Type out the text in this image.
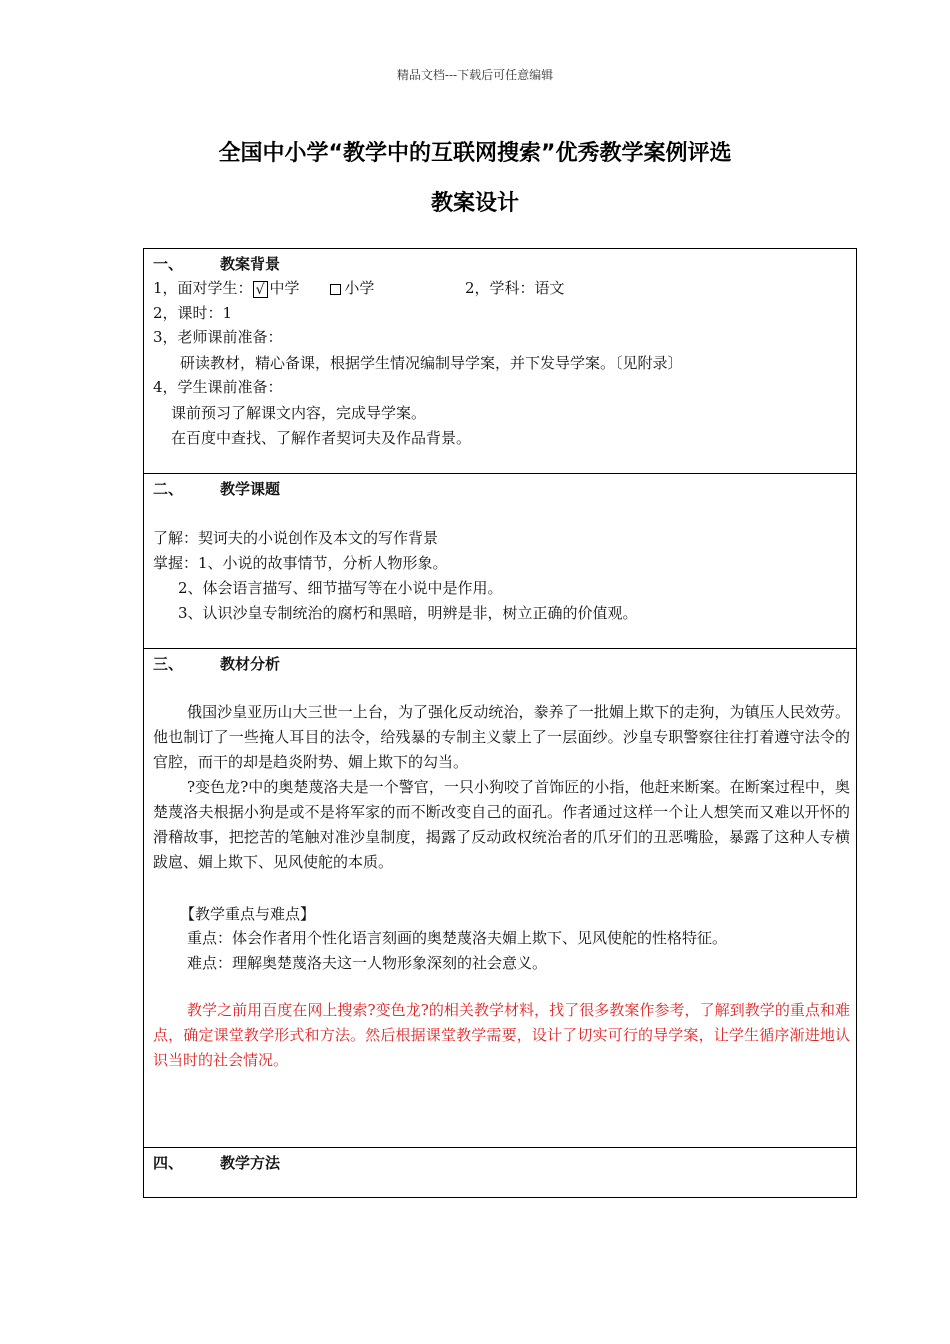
精品文档---下载后可任意编辑
全国中小学“教学中的互联网搜索”优秀教学案例评选
教案设计
一、 教案背景
1，面对学生： √ 中学	小学	2，学科：语文
2，课时：1
3，老师课前准备：
研读教材，精心备课，根据学生情况编制导学案，并下发导学案。〔见附录〕
4，学生课前准备：
课前预习了解课文内容，完成导学案。
在百度中查找、了解作者契诃夫及作品背景。
二、 教学课题
了解：契诃夫的小说创作及本文的写作背景
掌握：1、小说的故事情节，分析人物形象。
2、体会语言描写、细节描写等在小说中是作用。
3、认识沙皇专制统治的腐朽和黑暗，明辨是非，树立正确的价值观。
三、 教材分析
俄国沙皇亚历山大三世一上台，为了强化反动统治，豢养了一批媚上欺下的走狗，为镇压人民效劳。他也制订了一些掩人耳目的法令，给残暴的专制主义蒙上了一层面纱。沙皇专职警察往往打着遵守法令的官腔，而干的却是趋炎附势、媚上欺下的勾当。
?变色龙?中的奥楚蔑洛夫是一个警官，一只小狗咬了首饰匠的小指，他赶来断案。在断案过程中，奥楚蔑洛夫根据小狗是或不是将军家的而不断改变自己的面孔。作者通过这样一个让人想笑而又难以开怀的滑稽故事，把挖苦的笔触对准沙皇制度，揭露了反动政权统治者的爪牙们的丑恶嘴脸，暴露了这种人专横跋扈、媚上欺下、见风使舵的本质。
【教学重点与难点】
重点：体会作者用个性化语言刻画的奥楚蔑洛夫媚上欺下、见风使舵的性格特征。
难点：理解奥楚蔑洛夫这一人物形象深刻的社会意义。
教学之前用百度在网上搜索?变色龙?的相关教学材料，找了很多教案作参考，了解到教学的重点和难点，确定课堂教学形式和方法。然后根据课堂教学需要，设计了切实可行的导学案，让学生循序渐进地认识当时的社会情况。
四、 教学方法
